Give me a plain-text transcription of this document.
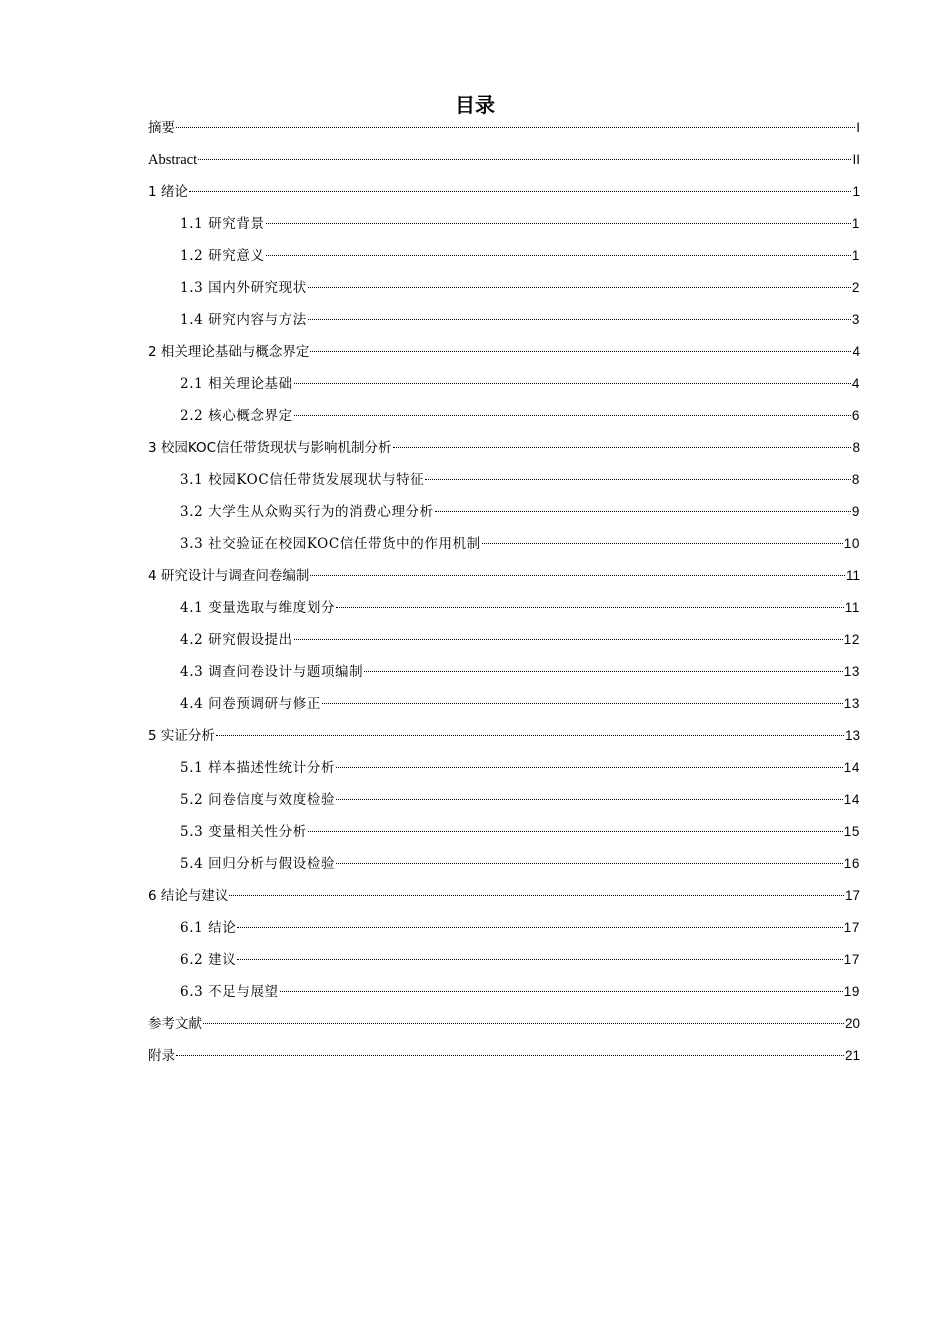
目录
摘要	I
Abstract	II
1 绪论	1
1.1 研究背景	1
1.2 研究意义	1
1.3 国内外研究现状	2
1.4 研究内容与方法	3
2 相关理论基础与概念界定	4
2.1 相关理论基础	4
2.2 核心概念界定	6
3 校园KOC信任带货现状与影响机制分析	8
3.1 校园KOC信任带货发展现状与特征	8
3.2 大学生从众购买行为的消费心理分析	9
3.3 社交验证在校园KOC信任带货中的作用机制	10
4 研究设计与调查问卷编制	11
4.1 变量选取与维度划分	11
4.2 研究假设提出	12
4.3 调查问卷设计与题项编制	13
4.4 问卷预调研与修正	13
5 实证分析	13
5.1 样本描述性统计分析	14
5.2 问卷信度与效度检验	14
5.3 变量相关性分析	15
5.4 回归分析与假设检验	16
6 结论与建议	17
6.1 结论	17
6.2 建议	17
6.3 不足与展望	19
参考文献	20
附录	21
